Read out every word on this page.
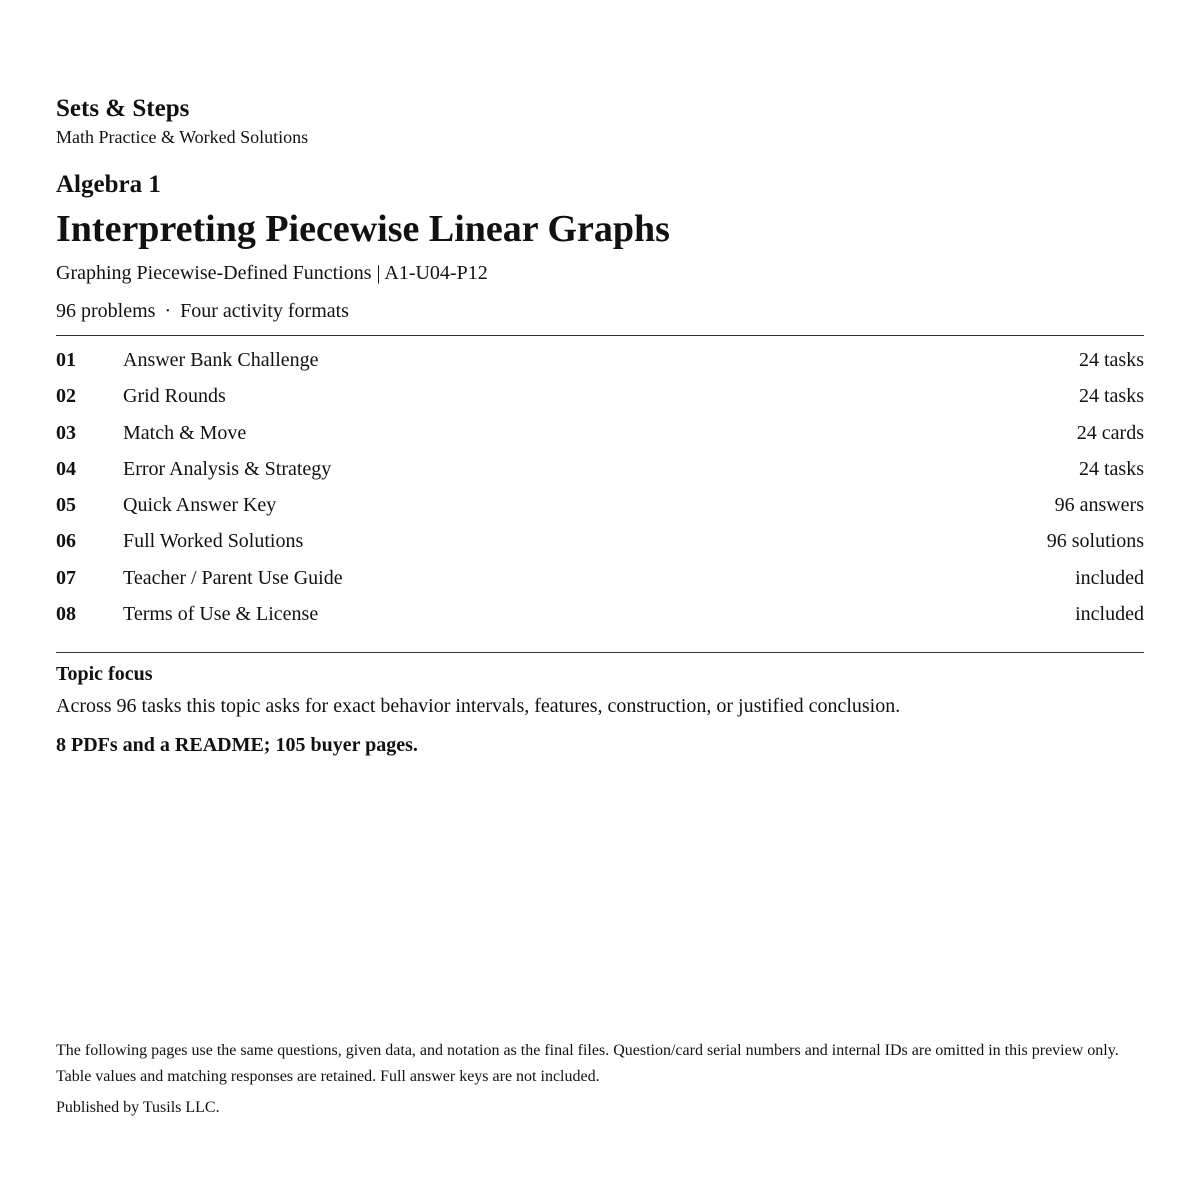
Sets & Steps
Math Practice & Worked Solutions
Algebra 1
Interpreting Piecewise Linear Graphs
Graphing Piecewise-Defined Functions | A1-U04-P12
96 problems · Four activity formats
01 Answer Bank Challenge	24 tasks
02 Grid Rounds	24 tasks
03 Match & Move	24 cards
04 Error Analysis & Strategy	24 tasks
05 Quick Answer Key	96 answers
06 Full Worked Solutions	96 solutions
07 Teacher / Parent Use Guide	included
08 Terms of Use & License	included
Topic focus
Across 96 tasks this topic asks for exact behavior intervals, features, construction, or justified conclusion.
8 PDFs and a README; 105 buyer pages.

The following pages use the same questions, given data, and notation as the final files. Question/card serial numbers and internal IDs are omitted in this preview only. Table values and matching responses are retained. Full answer keys are not included.

Published by Tusils LLC.
